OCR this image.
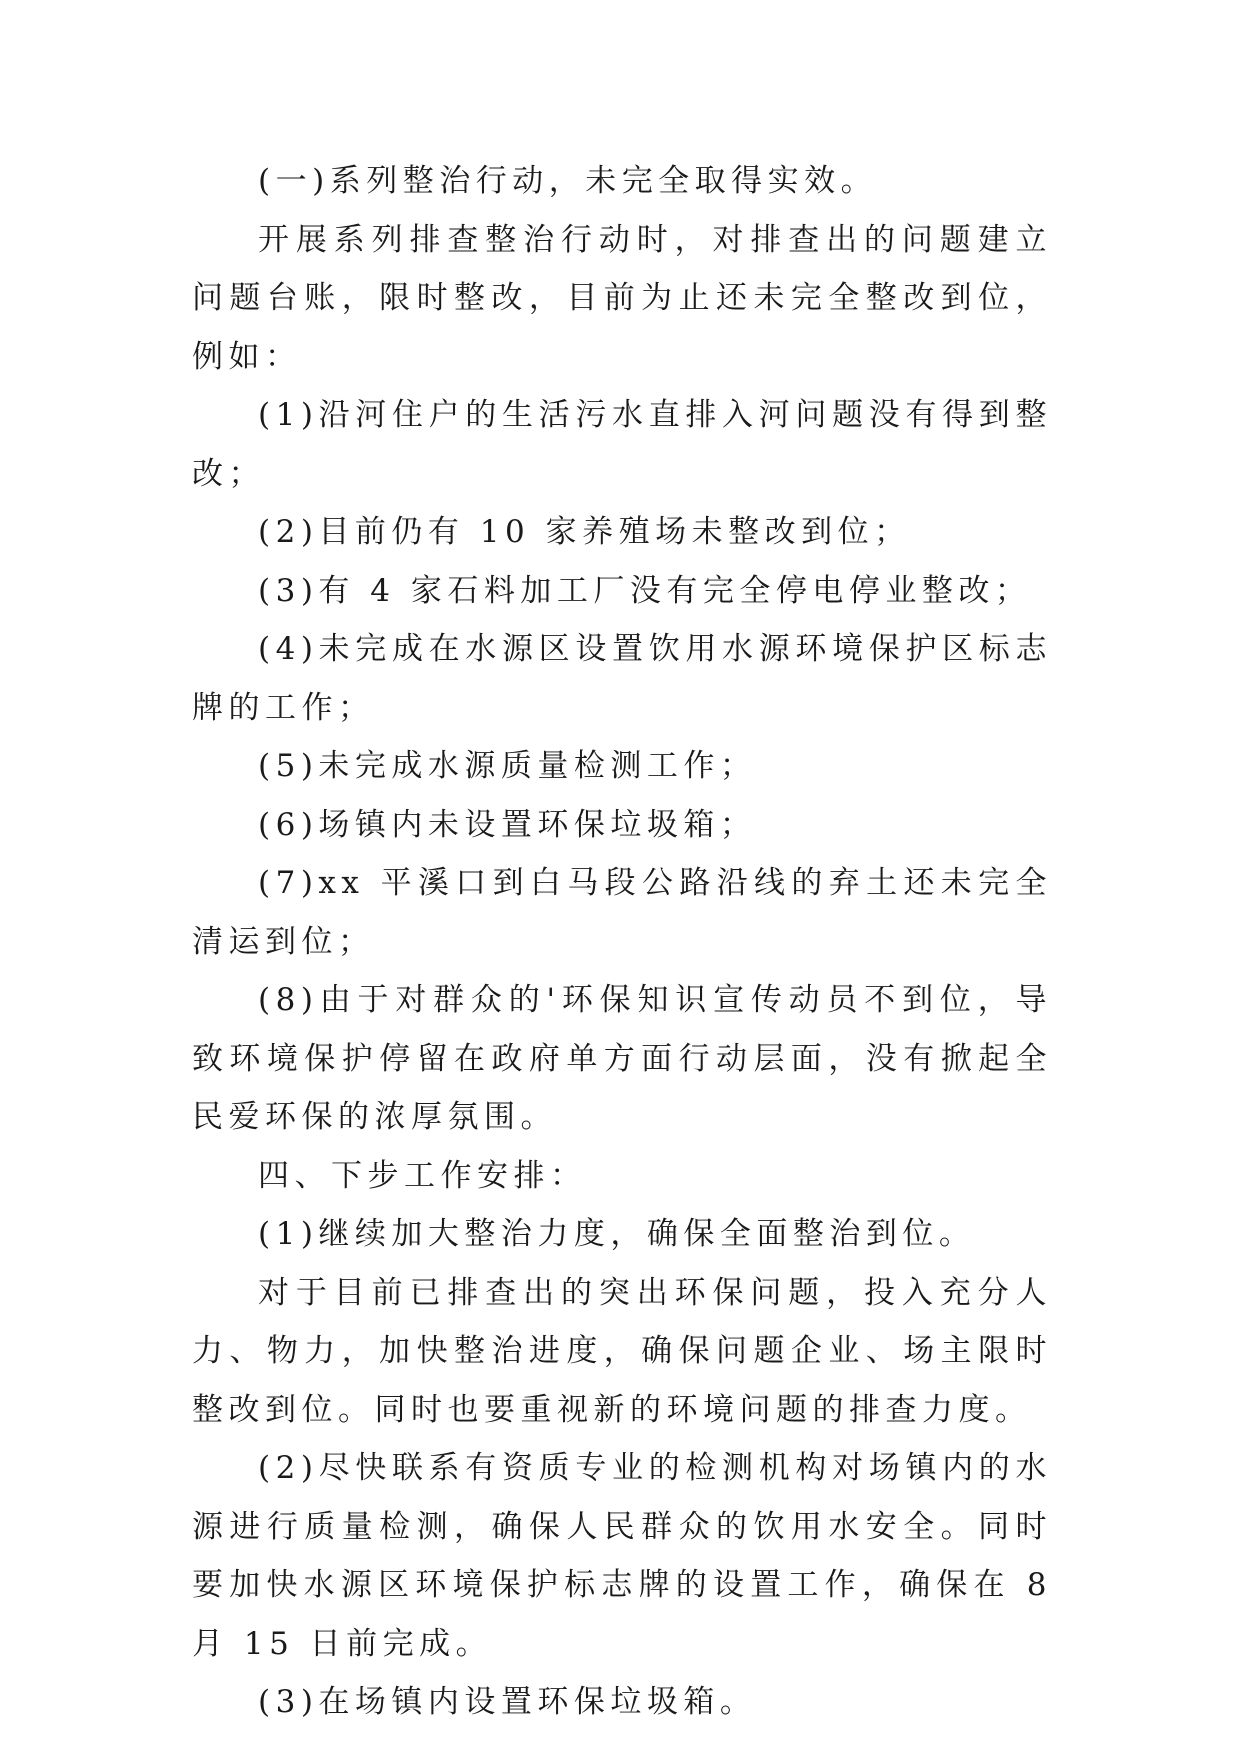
(一)系列整治行动，未完全取得实效。

开展系列排查整治行动时，对排查出的问题建立问题台账，限时整改，目前为止还未完全整改到位，例如：

(1)沿河住户的生活污水直排入河问题没有得到整改；

(2)目前仍有 10 家养殖场未整改到位；

(3)有 4 家石料加工厂没有完全停电停业整改；

(4)未完成在水源区设置饮用水源环境保护区标志牌的工作；

(5)未完成水源质量检测工作；

(6)场镇内未设置环保垃圾箱；

(7)xx 平溪口到白马段公路沿线的弃土还未完全清运到位；

(8)由于对群众的'环保知识宣传动员不到位，导致环境保护停留在政府单方面行动层面，没有掀起全民爱环保的浓厚氛围。

四、下步工作安排：

(1)继续加大整治力度，确保全面整治到位。

对于目前已排查出的突出环保问题，投入充分人力、物力，加快整治进度，确保问题企业、场主限时整改到位。同时也要重视新的环境问题的排查力度。

(2)尽快联系有资质专业的检测机构对场镇内的水源进行质量检测，确保人民群众的饮用水安全。同时要加快水源区环境保护标志牌的设置工作，确保在 8 月 15 日前完成。

(3)在场镇内设置环保垃圾箱。
